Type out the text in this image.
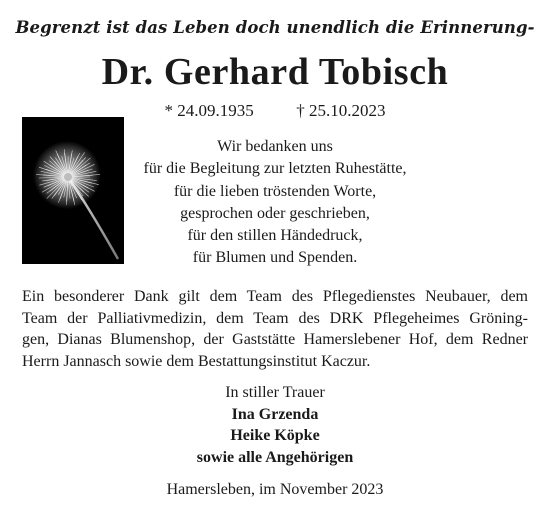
Begrenzt ist das Leben doch unendlich die Erinnerung-
Dr. Gerhard Tobisch
* 24.09.1935	† 25.10.2023
Wir bedanken uns
für die Begleitung zur letzten Ruhestätte,
für die lieben tröstenden Worte,
gesprochen oder geschrieben,
für den stillen Händedruck,
für Blumen und Spenden.
Ein besonderer Dank gilt dem Team des Pflegedienstes Neubauer, dem
Team der Palliativmedizin, dem Team des DRK Pflegeheimes Gröning-
gen, Dianas Blumenshop, der Gaststätte Hamerslebener Hof, dem Redner
Herrn Jannasch sowie dem Bestattungsinstitut Kaczur.
In stiller Trauer
Ina Grzenda
Heike Köpke
sowie alle Angehörigen
Hamersleben, im November 2023
